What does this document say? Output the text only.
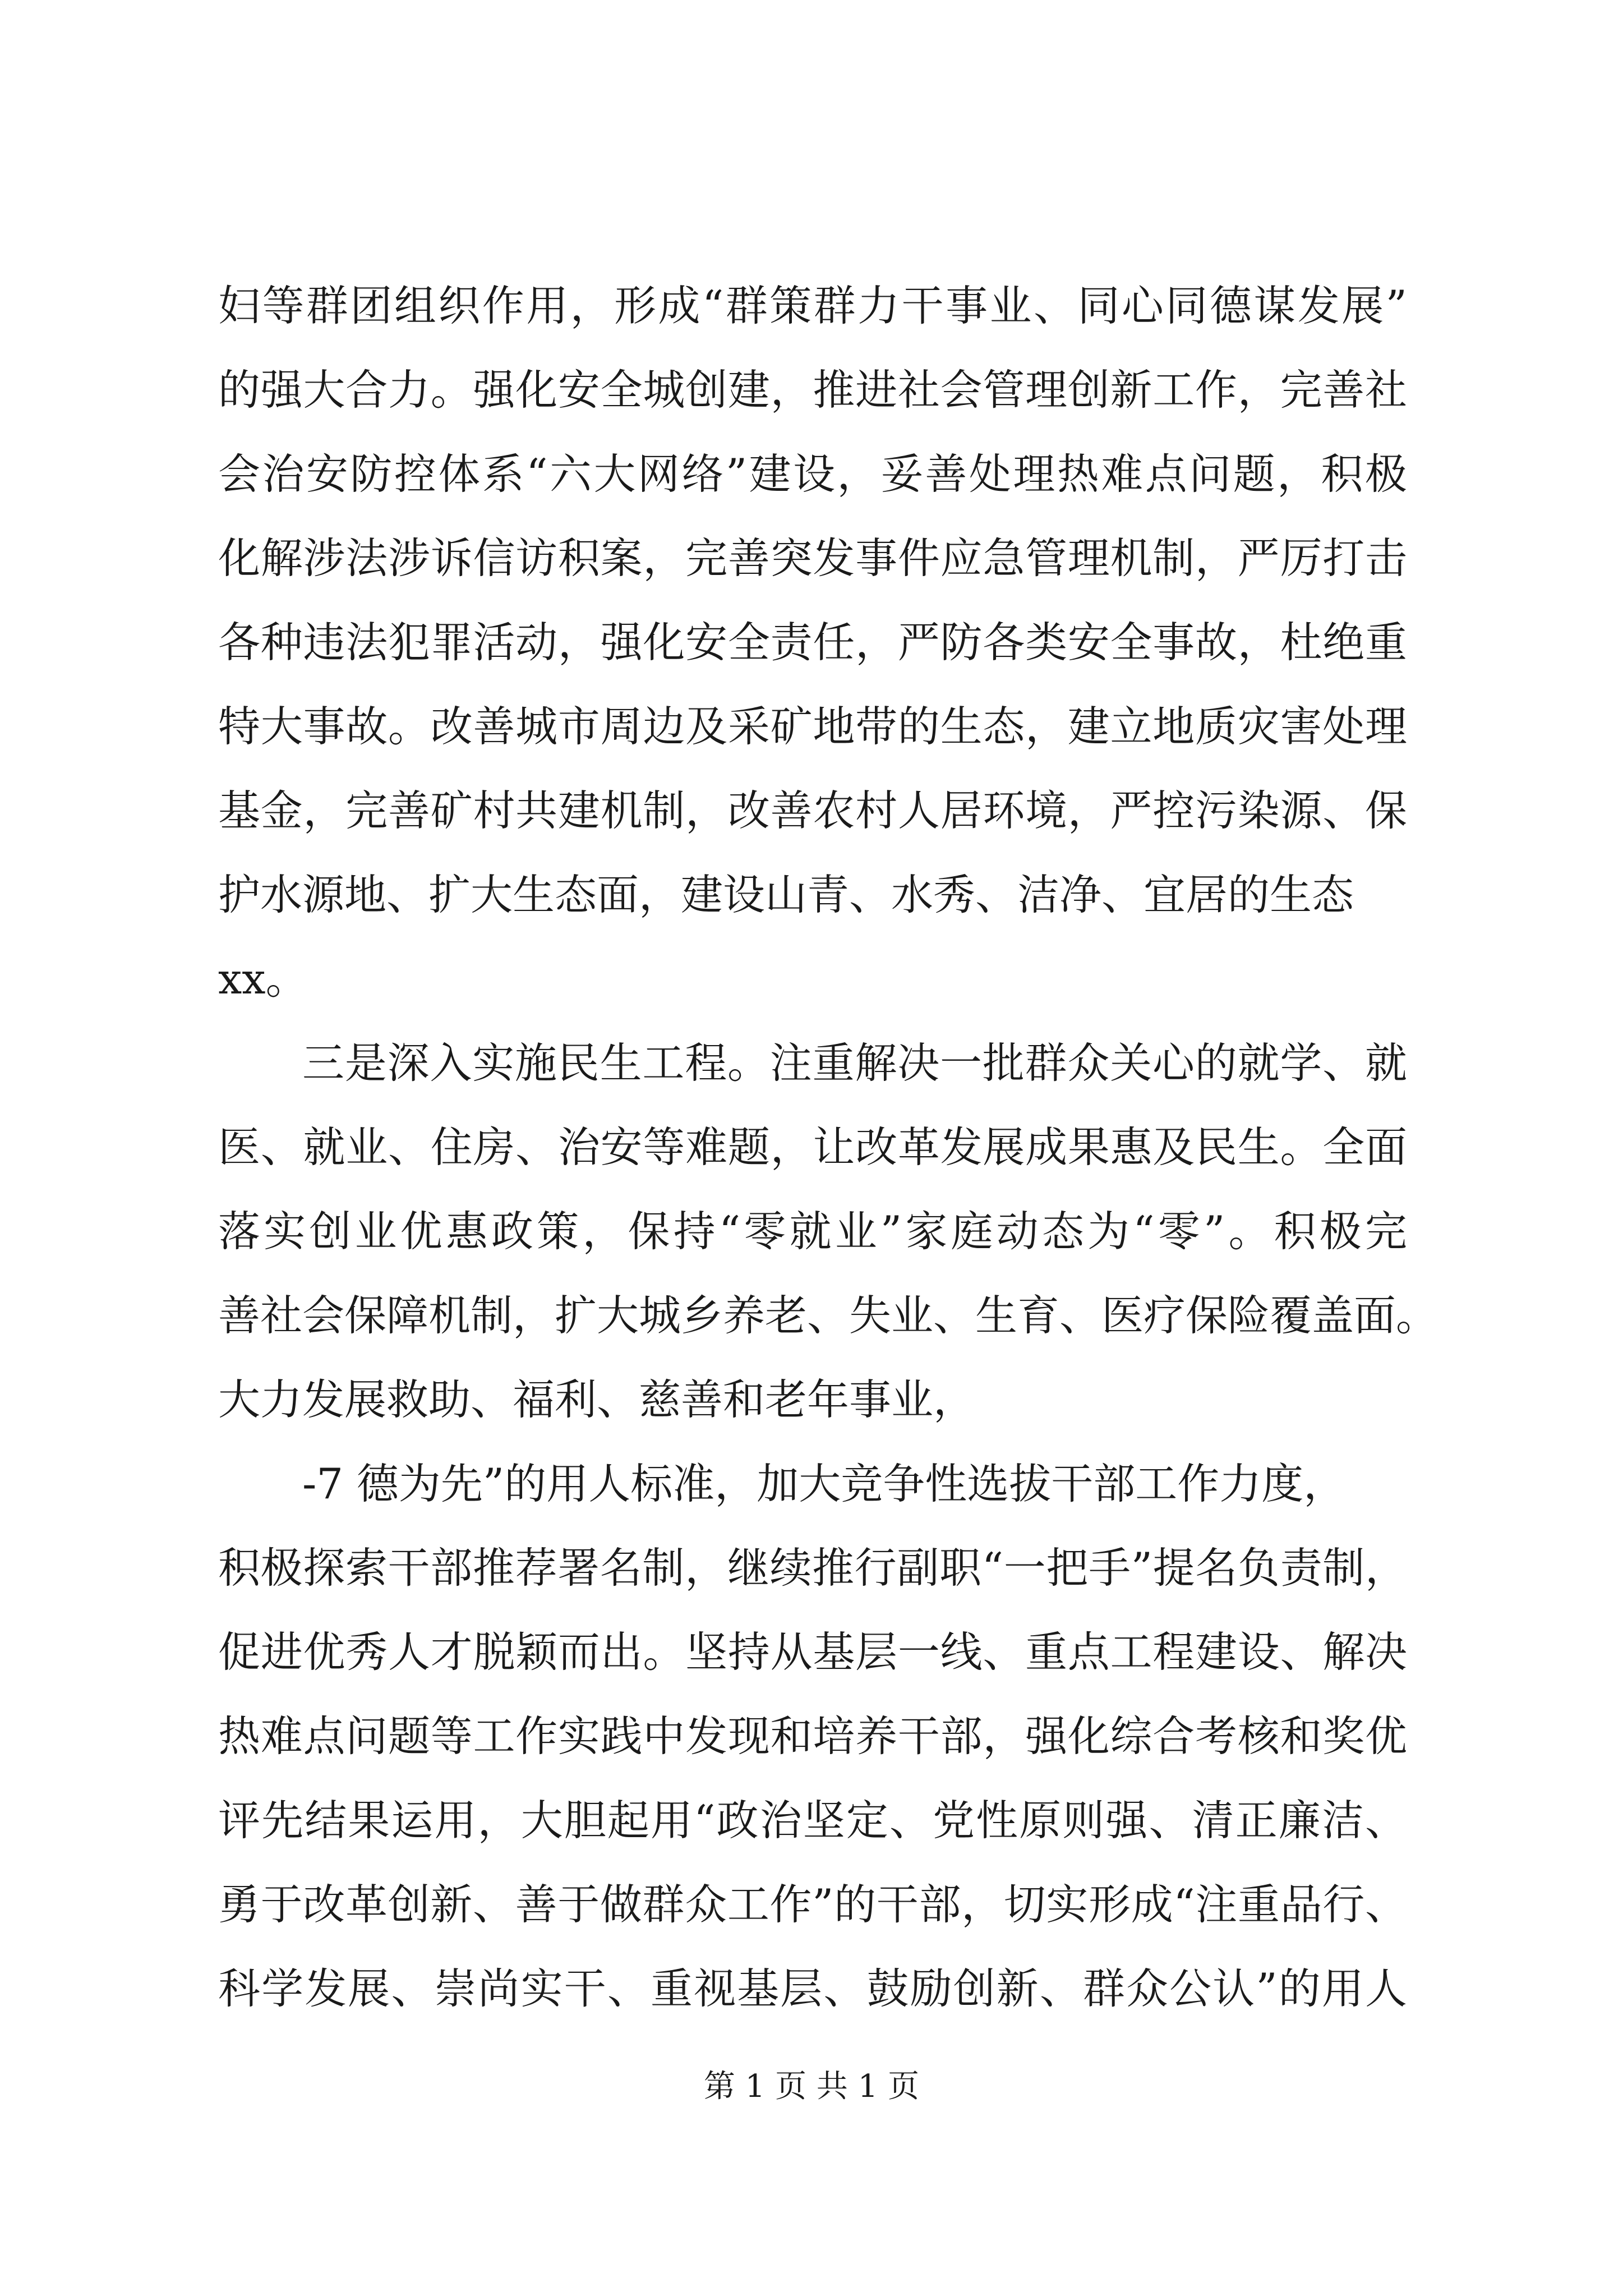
妇等群团组织作用，形成“群策群力干事业、同心同德谋发展”
的强大合力。强化安全城创建，推进社会管理创新工作，完善社
会治安防控体系“六大网络”建设，妥善处理热难点问题，积极
化解涉法涉诉信访积案，完善突发事件应急管理机制，严厉打击
各种违法犯罪活动，强化安全责任，严防各类安全事故，杜绝重
特大事故。改善城市周边及采矿地带的生态，建立地质灾害处理
基金，完善矿村共建机制，改善农村人居环境，严控污染源、保
护水源地、扩大生态面，建设山青、水秀、洁净、宜居的生态
xx。
三是深入实施民生工程。注重解决一批群众关心的就学、就
医、就业、住房、治安等难题，让改革发展成果惠及民生。全面
落实创业优惠政策，保持“零就业”家庭动态为“零”。积极完
善社会保障机制，扩大城乡养老、失业、生育、医疗保险覆盖面。
大力发展救助、福利、慈善和老年事业，
-7 德为先”的用人标准，加大竞争性选拔干部工作力度，
积极探索干部推荐署名制，继续推行副职“一把手”提名负责制，
促进优秀人才脱颖而出。坚持从基层一线、重点工程建设、解决
热难点问题等工作实践中发现和培养干部，强化综合考核和奖优
评先结果运用，大胆起用“政治坚定、党性原则强、清正廉洁、
勇于改革创新、善于做群众工作”的干部，切实形成“注重品行、
科学发展、崇尚实干、重视基层、鼓励创新、群众公认”的用人
第 1 页 共 1 页
